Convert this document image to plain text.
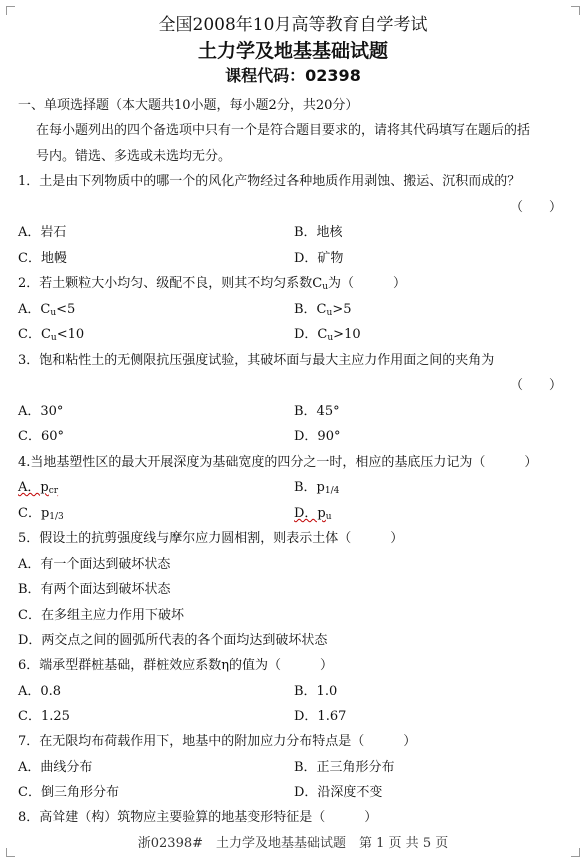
全国2008年10月高等教育自学考试
土力学及地基基础试题
课程代码：02398
一、单项选择题（本大题共10小题，每小题2分，共20分）
在每小题列出的四个备选项中只有一个是符合题目要求的，请将其代码填写在题后的括
号内。错选、多选或未选均无分。
1．土是由下列物质中的哪一个的风化产物经过各种地质作用剥蚀、搬运、沉积而成的？
（　　）
A．岩石	B．地核
C．地幔	D．矿物
2．若土颗粒大小均匀、级配不良，则其不均匀系数$C_u$为（　　　）
A．$C_u<5$	B．$C_u>5$
C．$C_u<10$	D．$C_u>10$
3．饱和粘性土的无侧限抗压强度试验，其破坏面与最大主应力作用面之间的夹角为
（　　）
A．30°	B．45°
C．60°	D．90°
4.当地基塑性区的最大开展深度为基础宽度的四分之一时，相应的基底压力记为（　　　）
A．$p_{cr}$	B．$p_{1/4}$
C．$p_{1/3}$	D．$p_u$
5．假设土的抗剪强度线与摩尔应力圆相割，则表示土体（　　　）
A．有一个面达到破坏状态
B．有两个面达到破坏状态
C．在多组主应力作用下破坏
D．两交点之间的圆弧所代表的各个面均达到破坏状态
6．端承型群桩基础，群桩效应系数η的值为（　　　）
A．0.8	B．1.0
C．1.25	D．1.67
7．在无限均布荷载作用下，地基中的附加应力分布特点是（　　　）
A．曲线分布	B．正三角形分布
C．倒三角形分布	D．沿深度不变
8．高耸建（构）筑物应主要验算的地基变形特征是（　　　）
浙02398#　土力学及地基基础试题　第 1 页 共 5 页
